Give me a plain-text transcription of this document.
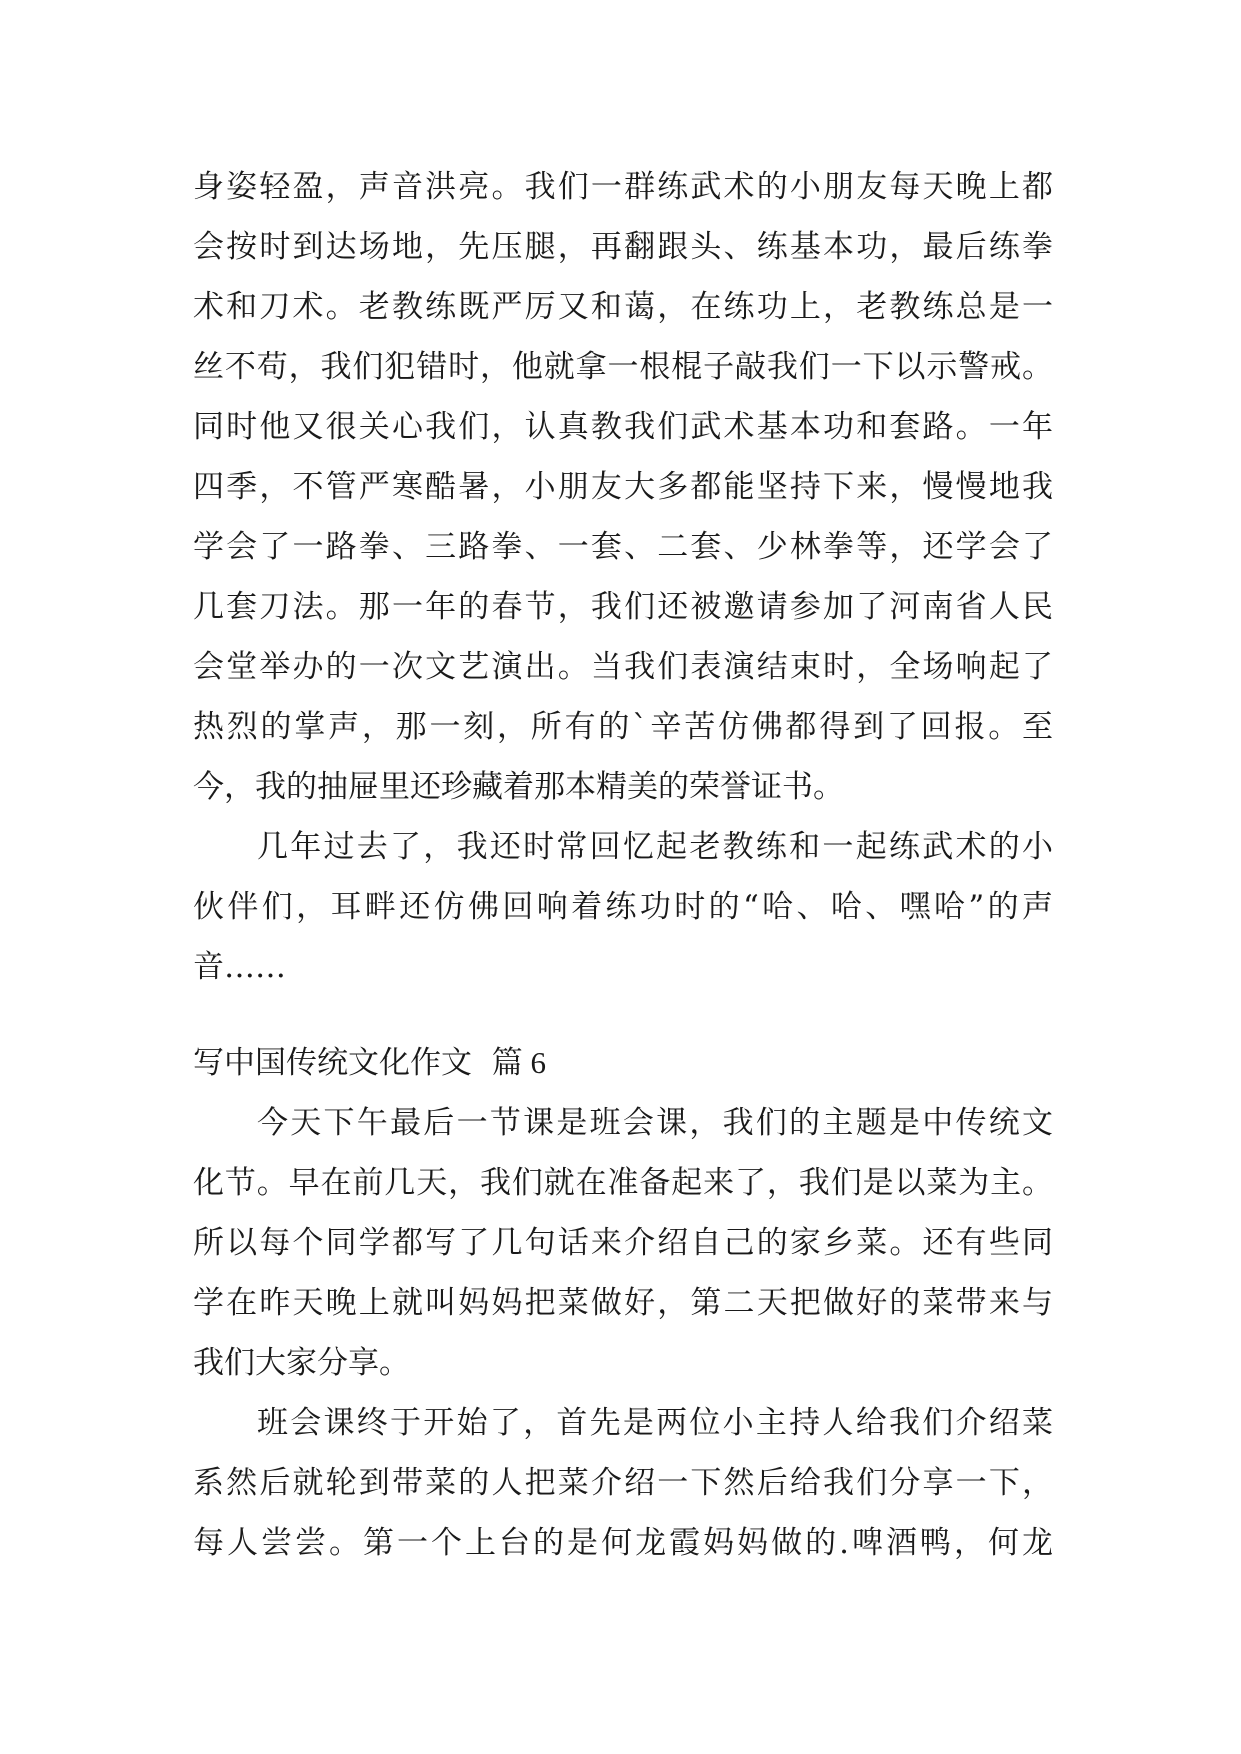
身姿轻盈，声音洪亮。我们一群练武术的小朋友每天晚上都
会按时到达场地，先压腿，再翻跟头、练基本功，最后练拳
术和刀术。老教练既严厉又和蔼，在练功上，老教练总是一
丝不苟，我们犯错时，他就拿一根棍子敲我们一下以示警戒。
同时他又很关心我们，认真教我们武术基本功和套路。一年
四季，不管严寒酷暑，小朋友大多都能坚持下来，慢慢地我
学会了一路拳、三路拳、一套、二套、少林拳等，还学会了
几套刀法。那一年的春节，我们还被邀请参加了河南省人民
会堂举办的一次文艺演出。当我们表演结束时，全场响起了
热烈的掌声，那一刻，所有的`辛苦仿佛都得到了回报。至
今，我的抽屉里还珍藏着那本精美的荣誉证书。
几年过去了，我还时常回忆起老教练和一起练武术的小
伙伴们，耳畔还仿佛回响着练功时的“哈、哈、嘿哈”的声
音……
写中国传统文化作文 篇 6
今天下午最后一节课是班会课，我们的主题是中传统文
化节。早在前几天，我们就在准备起来了，我们是以菜为主。
所以每个同学都写了几句话来介绍自己的家乡菜。还有些同
学在昨天晚上就叫妈妈把菜做好，第二天把做好的菜带来与
我们大家分享。
班会课终于开始了，首先是两位小主持人给我们介绍菜
系然后就轮到带菜的人把菜介绍一下然后给我们分享一下，
每人尝尝。第一个上台的是何龙霞妈妈做的.啤酒鸭，何龙
